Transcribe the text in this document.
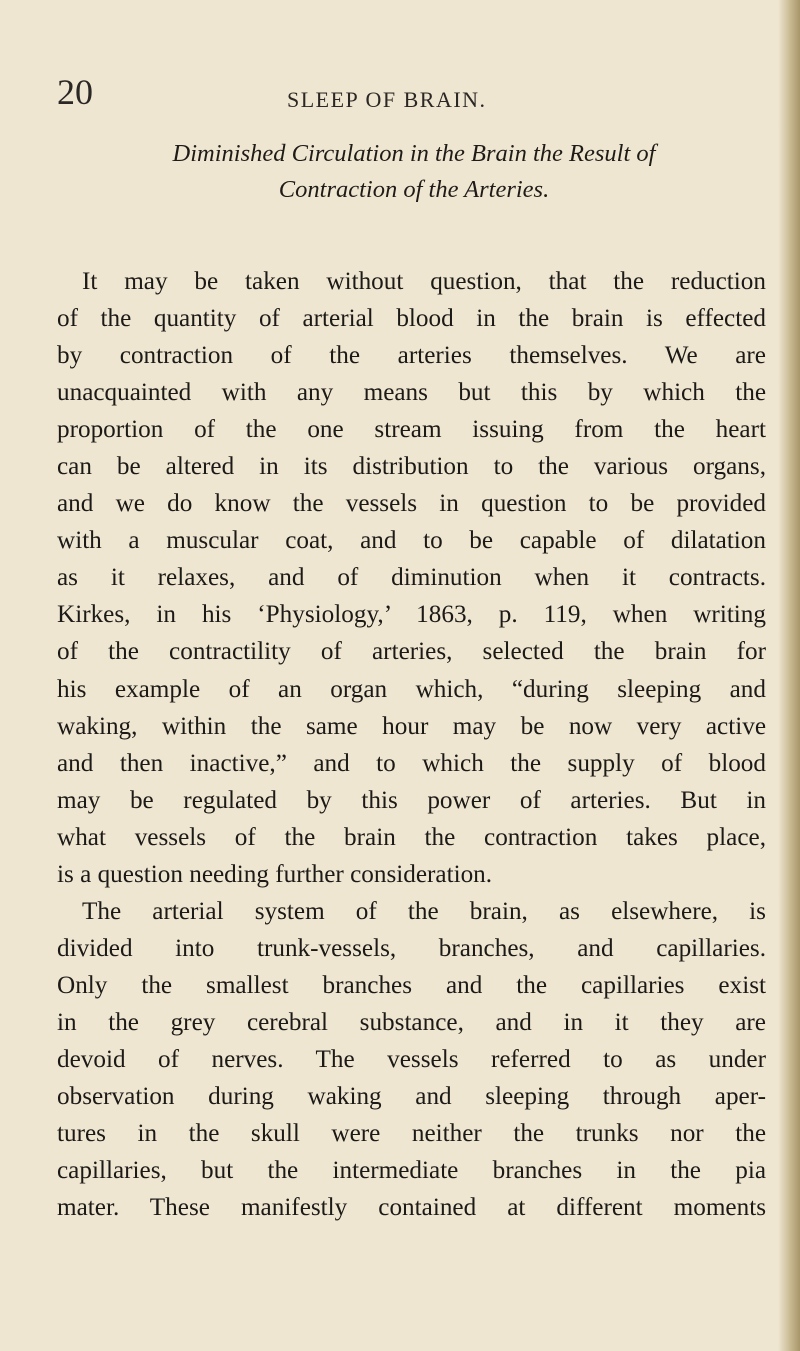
20	SLEEP OF BRAIN.
Diminished Circulation in the Brain the Result of
Contraction of the Arteries.
It may be taken without question, that the reduction
of the quantity of arterial blood in the brain is effected
by contraction of the arteries themselves. We are
unacquainted with any means but this by which the
proportion of the one stream issuing from the heart
can be altered in its distribution to the various organs,
and we do know the vessels in question to be provided
with a muscular coat, and to be capable of dilatation
as it relaxes, and of diminution when it contracts.
Kirkes, in his ‘Physiology,’ 1863, p. 119, when writing
of the contractility of arteries, selected the brain for
his example of an organ which, “during sleeping and
waking, within the same hour may be now very active
and then inactive,” and to which the supply of blood
may be regulated by this power of arteries. But in
what vessels of the brain the contraction takes place,
is a question needing further consideration.
The arterial system of the brain, as elsewhere, is
divided into trunk-vessels, branches, and capillaries.
Only the smallest branches and the capillaries exist
in the grey cerebral substance, and in it they are
devoid of nerves. The vessels referred to as under
observation during waking and sleeping through aper-
tures in the skull were neither the trunks nor the
capillaries, but the intermediate branches in the pia
mater. These manifestly contained at different moments
